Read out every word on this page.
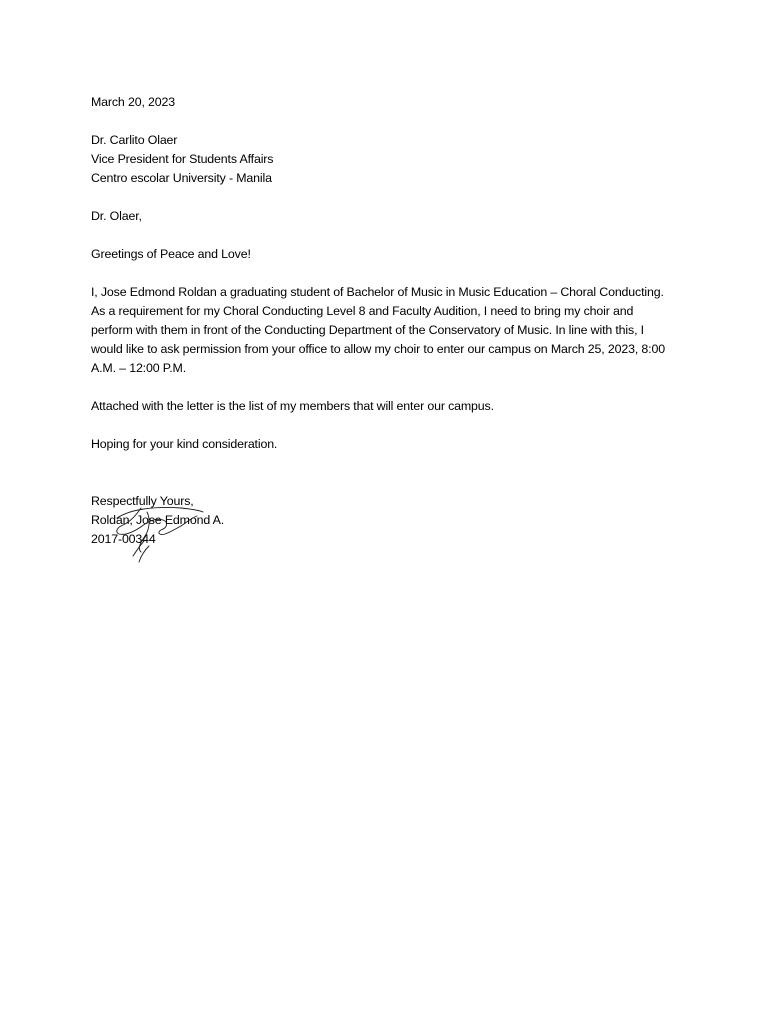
March 20, 2023
Dr. Carlito Olaer
Vice President for Students Affairs
Centro escolar University - Manila
Dr. Olaer,
Greetings of Peace and Love!
I, Jose Edmond Roldan a graduating student of Bachelor of Music in Music Education – Choral Conducting. As a requirement for my Choral Conducting Level 8 and Faculty Audition, I need to bring my choir and perform with them in front of the Conducting Department of the Conservatory of Music. In line with this, I would like to ask permission from your office to allow my choir to enter our campus on March 25, 2023, 8:00 A.M. – 12:00 P.M.
Attached with the letter is the list of my members that will enter our campus.
Hoping for your kind consideration.
Respectfully Yours,
Roldan, Jose Edmond A.
2017-00344
